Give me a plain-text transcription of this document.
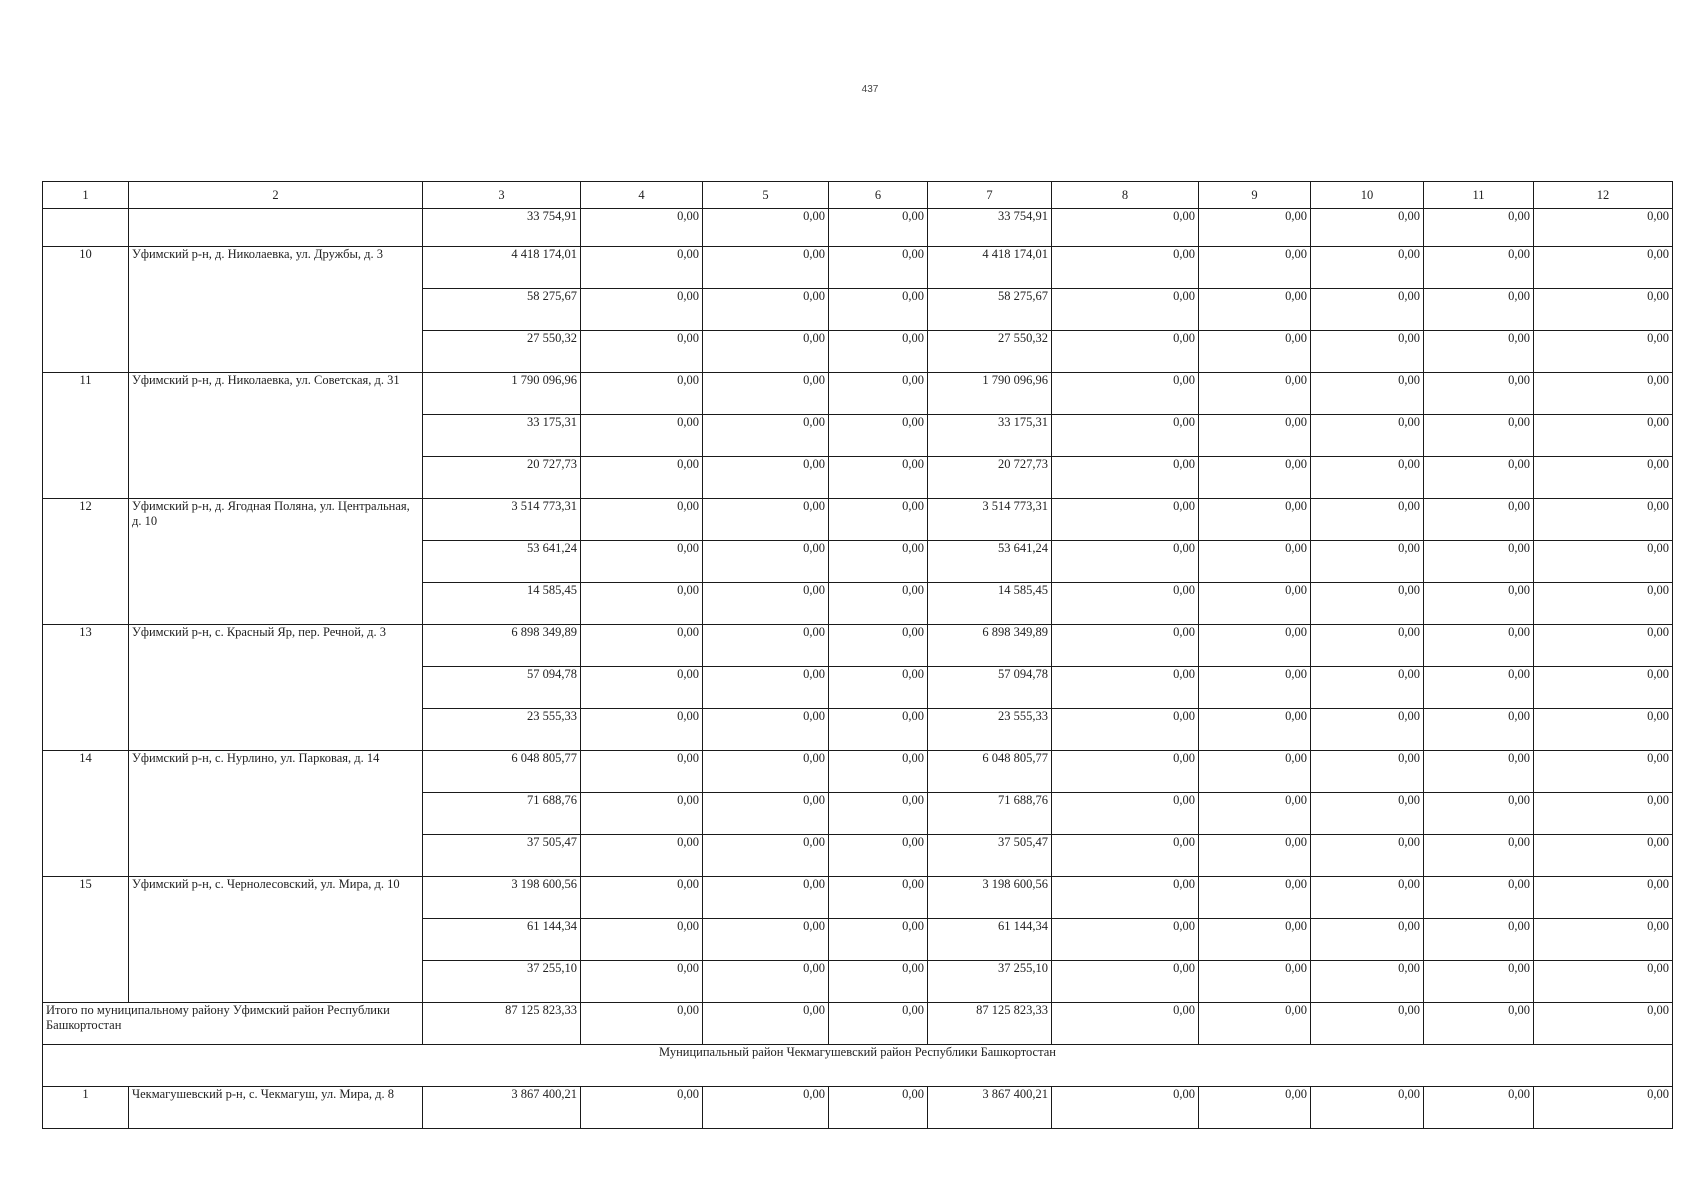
437
1	2	3	4	5	6	7	8	9	10	11	12
		33 754,91	0,00	0,00	0,00	33 754,91	0,00	0,00	0,00	0,00	0,00
10	Уфимский р-н, д. Николаевка, ул. Дружбы, д. 3	4 418 174,01	0,00	0,00	0,00	4 418 174,01	0,00	0,00	0,00	0,00	0,00
		58 275,67	0,00	0,00	0,00	58 275,67	0,00	0,00	0,00	0,00	0,00
		27 550,32	0,00	0,00	0,00	27 550,32	0,00	0,00	0,00	0,00	0,00
11	Уфимский р-н, д. Николаевка, ул. Советская, д. 31	1 790 096,96	0,00	0,00	0,00	1 790 096,96	0,00	0,00	0,00	0,00	0,00
		33 175,31	0,00	0,00	0,00	33 175,31	0,00	0,00	0,00	0,00	0,00
		20 727,73	0,00	0,00	0,00	20 727,73	0,00	0,00	0,00	0,00	0,00
12	Уфимский р-н, д. Ягодная Поляна, ул. Центральная, д. 10	3 514 773,31	0,00	0,00	0,00	3 514 773,31	0,00	0,00	0,00	0,00	0,00
		53 641,24	0,00	0,00	0,00	53 641,24	0,00	0,00	0,00	0,00	0,00
		14 585,45	0,00	0,00	0,00	14 585,45	0,00	0,00	0,00	0,00	0,00
13	Уфимский р-н, с. Красный Яр, пер. Речной, д. 3	6 898 349,89	0,00	0,00	0,00	6 898 349,89	0,00	0,00	0,00	0,00	0,00
		57 094,78	0,00	0,00	0,00	57 094,78	0,00	0,00	0,00	0,00	0,00
		23 555,33	0,00	0,00	0,00	23 555,33	0,00	0,00	0,00	0,00	0,00
14	Уфимский р-н, с. Нурлино, ул. Парковая, д. 14	6 048 805,77	0,00	0,00	0,00	6 048 805,77	0,00	0,00	0,00	0,00	0,00
		71 688,76	0,00	0,00	0,00	71 688,76	0,00	0,00	0,00	0,00	0,00
		37 505,47	0,00	0,00	0,00	37 505,47	0,00	0,00	0,00	0,00	0,00
15	Уфимский р-н, с. Чернолесовский, ул. Мира, д. 10	3 198 600,56	0,00	0,00	0,00	3 198 600,56	0,00	0,00	0,00	0,00	0,00
		61 144,34	0,00	0,00	0,00	61 144,34	0,00	0,00	0,00	0,00	0,00
		37 255,10	0,00	0,00	0,00	37 255,10	0,00	0,00	0,00	0,00	0,00
Итого по муниципальному району Уфимский район Республики Башкортостан		87 125 823,33	0,00	0,00	0,00	87 125 823,33	0,00	0,00	0,00	0,00	0,00
Муниципальный район Чекмагушевский район Республики Башкортостан											
1	Чекмагушевский р-н, с. Чекмагуш, ул. Мира, д. 8	3 867 400,21	0,00	0,00	0,00	3 867 400,21	0,00	0,00	0,00	0,00	0,00
